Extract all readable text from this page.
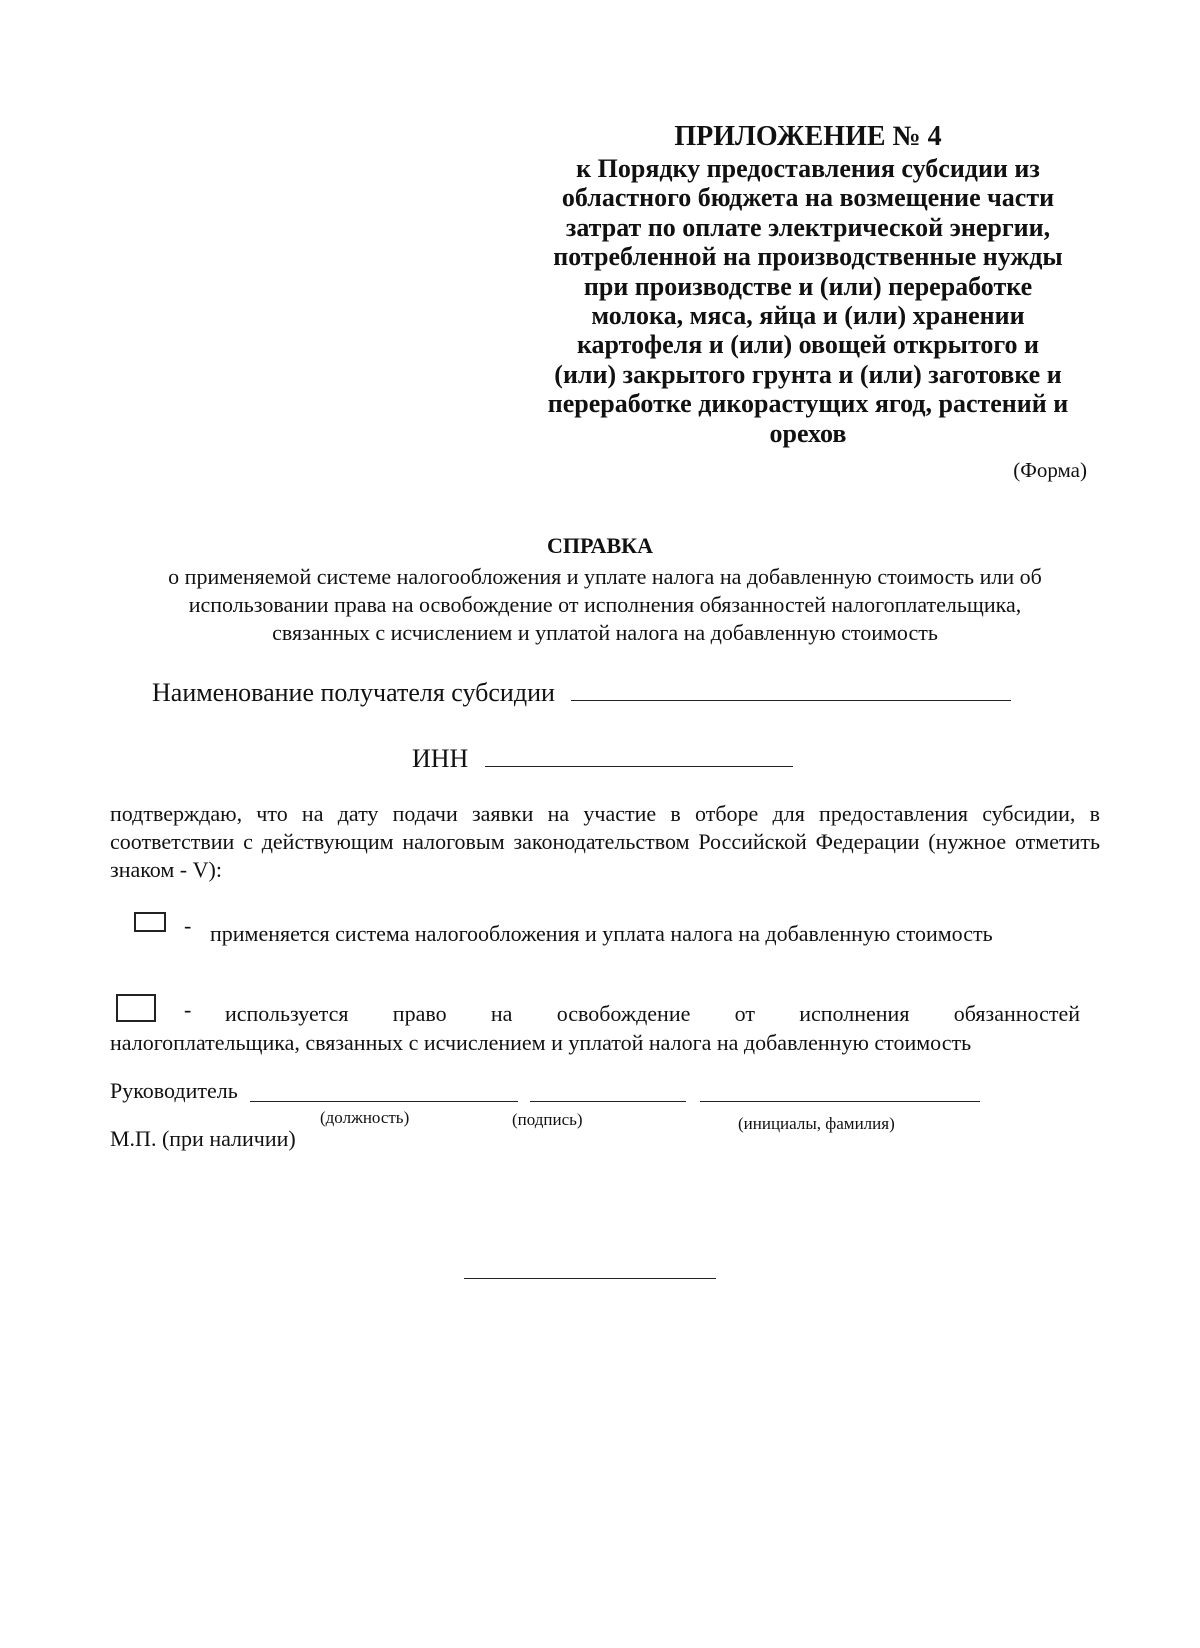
ПРИЛОЖЕНИЕ № 4
к Порядку предоставления субсидии из
областного бюджета на возмещение части
затрат по оплате электрической энергии,
потребленной на производственные нужды
при производстве и (или) переработке
молока, мяса, яйца и (или) хранении
картофеля и (или) овощей открытого и
(или) закрытого грунта и (или) заготовке и
переработке дикорастущих ягод, растений и
орехов
(Форма)
СПРАВКА
о применяемой системе налогообложения и уплате налога на добавленную стоимость или об
использовании права на освобождение от исполнения обязанностей налогоплательщика,
связанных с исчислением и уплатой налога на добавленную стоимость
Наименование получателя субсидии
ИНН
подтверждаю, что на дату подачи заявки на участие в отборе для предоставления субсидии, в соответствии с действующим налоговым законодательством Российской Федерации (нужное отметить знаком - V):
- применяется система налогообложения и уплата налога на добавленную стоимость
- используется право на освобождение от исполнения обязанностей
налогоплательщика, связанных с исчислением и уплатой налога на добавленную стоимость
Руководитель
(должность)	(подпись)	(инициалы, фамилия)
М.П. (при наличии)
